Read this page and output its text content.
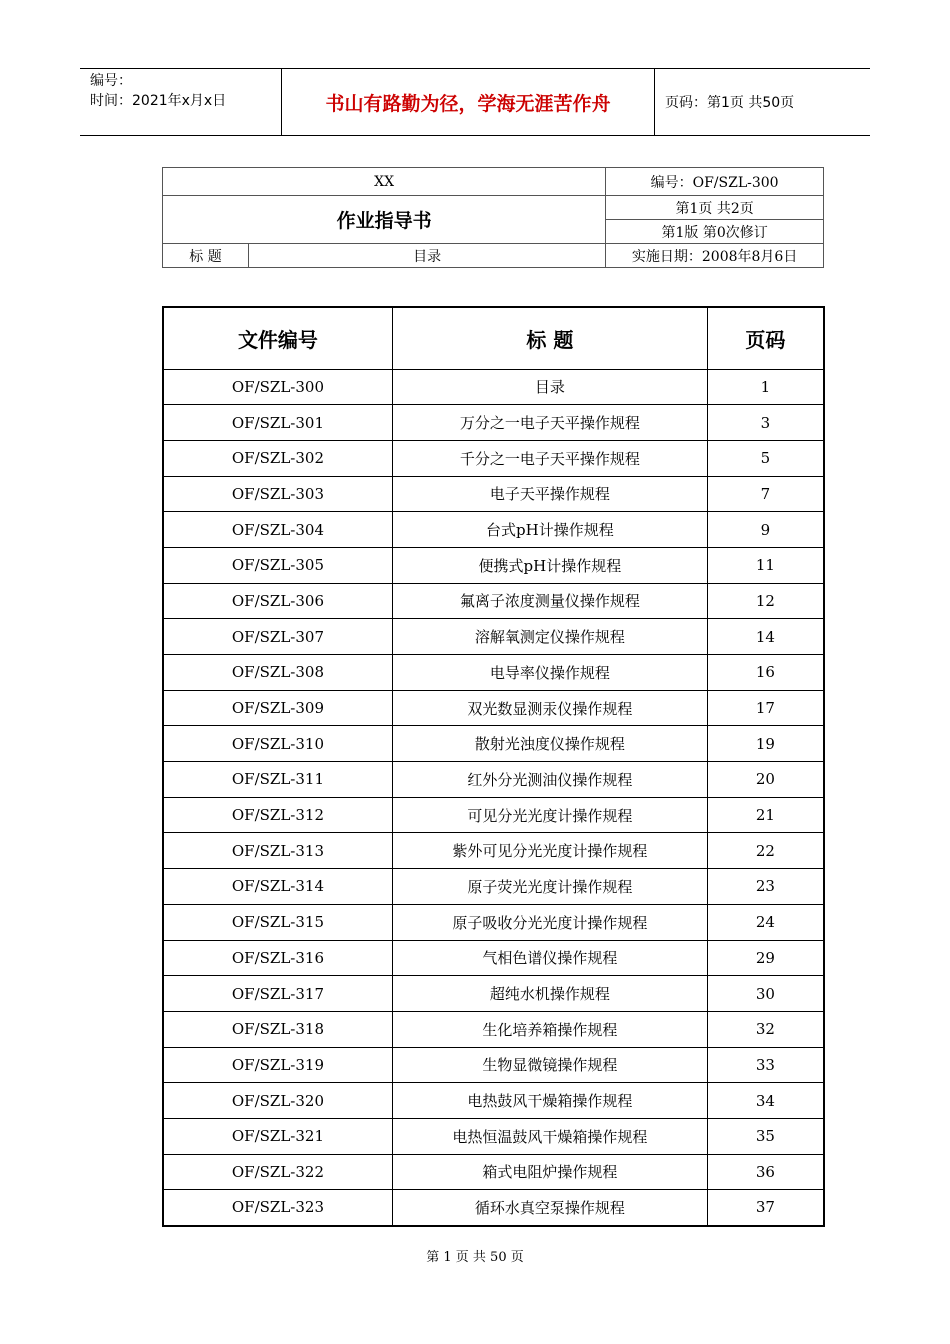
编号：
时间：2021年x月x日	书山有路勤为径，学海无涯苦作舟	页码：第1页 共50页
XX		编号：OF/SZL-300
作业指导书		第1页 共2页
		第1版 第0次修订
标 题	目录	实施日期：2008年8月6日
文件编号	标 题	页码
OF/SZL-300	目录	1
OF/SZL-301	万分之一电子天平操作规程	3
OF/SZL-302	千分之一电子天平操作规程	5
OF/SZL-303	电子天平操作规程	7
OF/SZL-304	台式pH计操作规程	9
OF/SZL-305	便携式pH计操作规程	11
OF/SZL-306	氟离子浓度测量仪操作规程	12
OF/SZL-307	溶解氧测定仪操作规程	14
OF/SZL-308	电导率仪操作规程	16
OF/SZL-309	双光数显测汞仪操作规程	17
OF/SZL-310	散射光浊度仪操作规程	19
OF/SZL-311	红外分光测油仪操作规程	20
OF/SZL-312	可见分光光度计操作规程	21
OF/SZL-313	紫外可见分光光度计操作规程	22
OF/SZL-314	原子荧光光度计操作规程	23
OF/SZL-315	原子吸收分光光度计操作规程	24
OF/SZL-316	气相色谱仪操作规程	29
OF/SZL-317	超纯水机操作规程	30
OF/SZL-318	生化培养箱操作规程	32
OF/SZL-319	生物显微镜操作规程	33
OF/SZL-320	电热鼓风干燥箱操作规程	34
OF/SZL-321	电热恒温鼓风干燥箱操作规程	35
OF/SZL-322	箱式电阻炉操作规程	36
OF/SZL-323	循环水真空泵操作规程	37
第 1 页 共 50 页
